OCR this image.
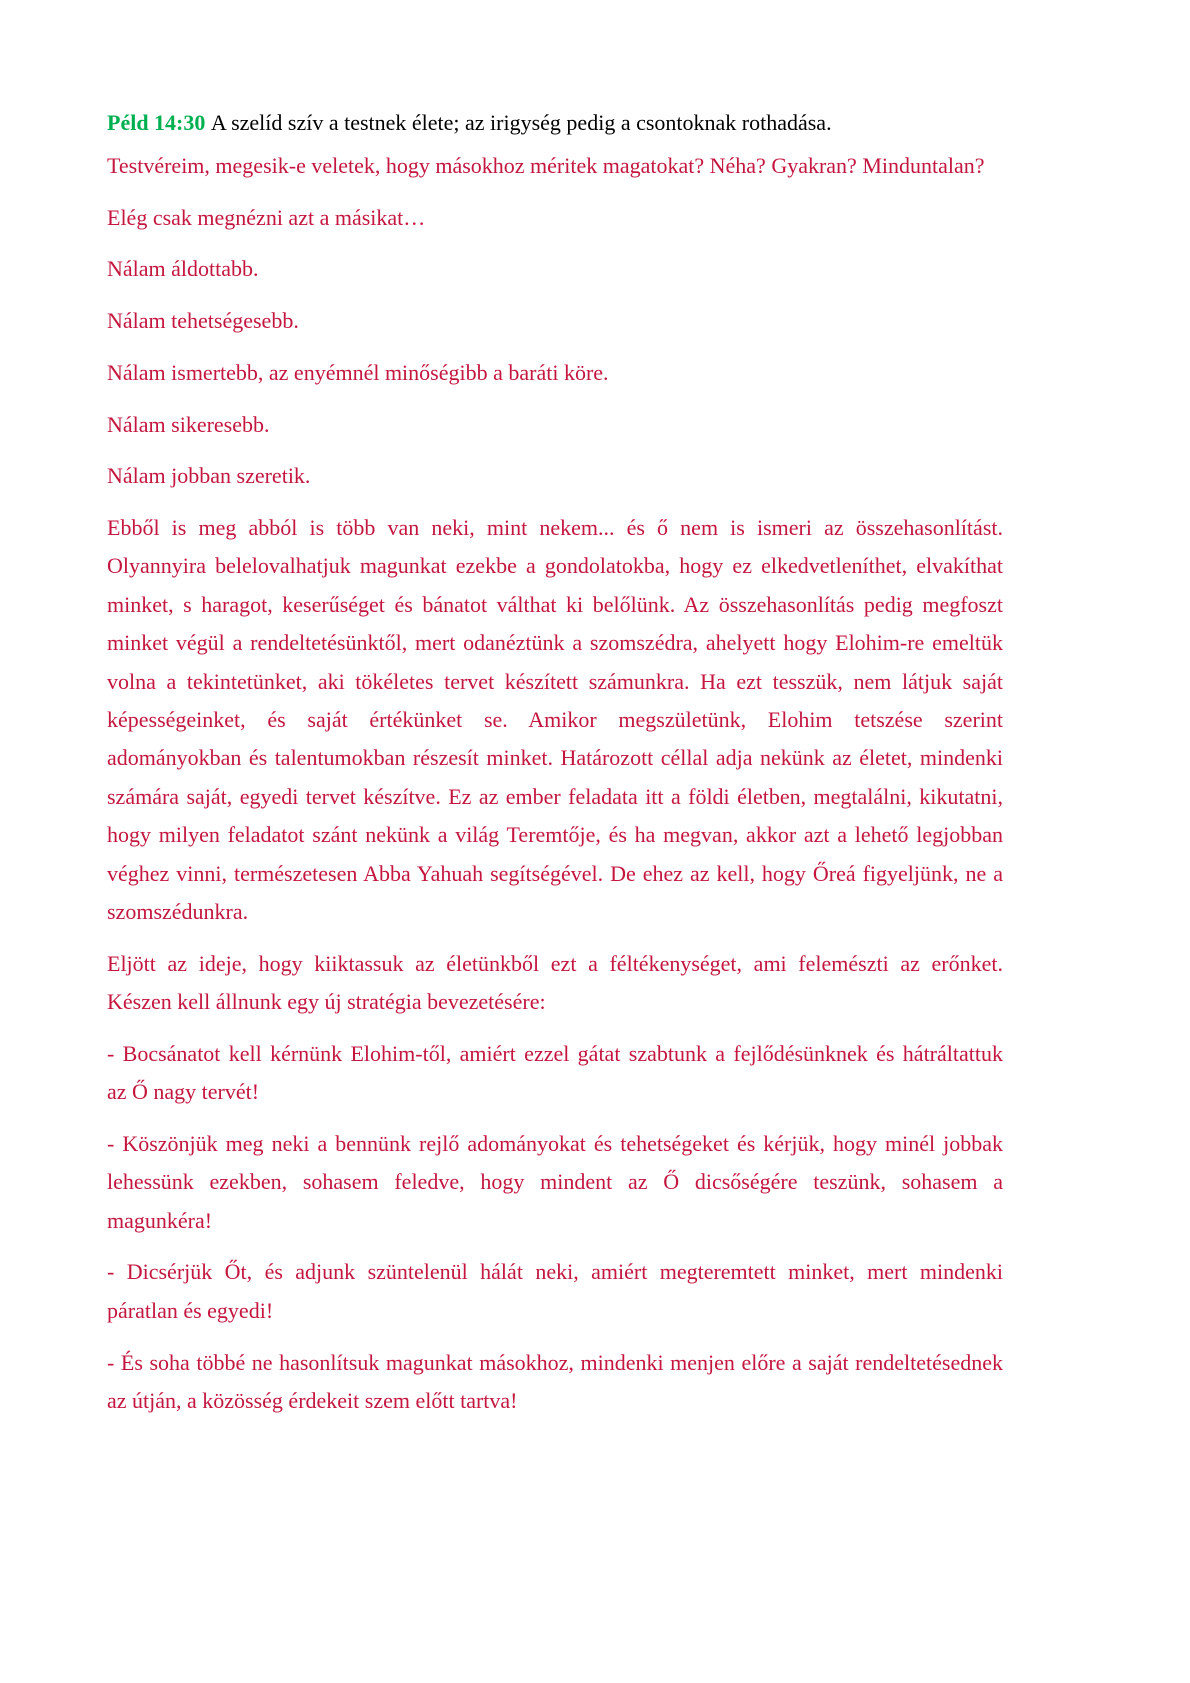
Péld 14:30 A szelíd szív a testnek élete; az irigység pedig a csontoknak rothadása.
Testvéreim, megesik-e veletek, hogy másokhoz méritek magatokat? Néha? Gyakran? Minduntalan?
Elég csak megnézni azt a másikat…
Nálam áldottabb.
Nálam tehetségesebb.
Nálam ismertebb, az enyémnél minőségibb a baráti köre.
Nálam sikeresebb.
Nálam jobban szeretik.
Ebből is meg abból is több van neki, mint nekem... és ő nem is ismeri az összehasonlítást.
Olyannyira belelovalhatjuk magunkat ezekbe a gondolatokba, hogy ez elkedvetleníthet, elvakíthat
minket, s haragot, keserűséget és bánatot válthat ki belőlünk. Az összehasonlítás pedig megfoszt
minket végül a rendeltetésünktől, mert odanéztünk a szomszédra, ahelyett hogy Elohim-re emeltük
volna a tekintetünket, aki tökéletes tervet készített számunkra. Ha ezt tesszük, nem látjuk saját
képességeinket, és saját értékünket se. Amikor megszületünk, Elohim tetszése szerint
adományokban és talentumokban részesít minket. Határozott céllal adja nekünk az életet, mindenki
számára saját, egyedi tervet készítve. Ez az ember feladata itt a földi életben, megtalálni, kikutatni,
hogy milyen feladatot szánt nekünk a világ Teremtője, és ha megvan, akkor azt a lehető legjobban
véghez vinni, természetesen Abba Yahuah segítségével. De ehez az kell, hogy Őreá figyeljünk, ne a
szomszédunkra.
Eljött az ideje, hogy kiiktassuk az életünkből ezt a féltékenységet, ami felemészti az erőnket.
Készen kell állnunk egy új stratégia bevezetésére:
- Bocsánatot kell kérnünk Elohim-től, amiért ezzel gátat szabtunk a fejlődésünknek és hátráltattuk
az Ő nagy tervét!
- Köszönjük meg neki a bennünk rejlő adományokat és tehetségeket és kérjük, hogy minél jobbak
lehessünk ezekben, sohasem feledve, hogy mindent az Ő dicsőségére teszünk, sohasem a
magunkéra!
- Dicsérjük Őt, és adjunk szüntelenül hálát neki, amiért megteremtett minket, mert mindenki
páratlan és egyedi!
- És soha többé ne hasonlítsuk magunkat másokhoz, mindenki menjen előre a saját rendeltetésednek
az útján, a közösség érdekeit szem előtt tartva!
